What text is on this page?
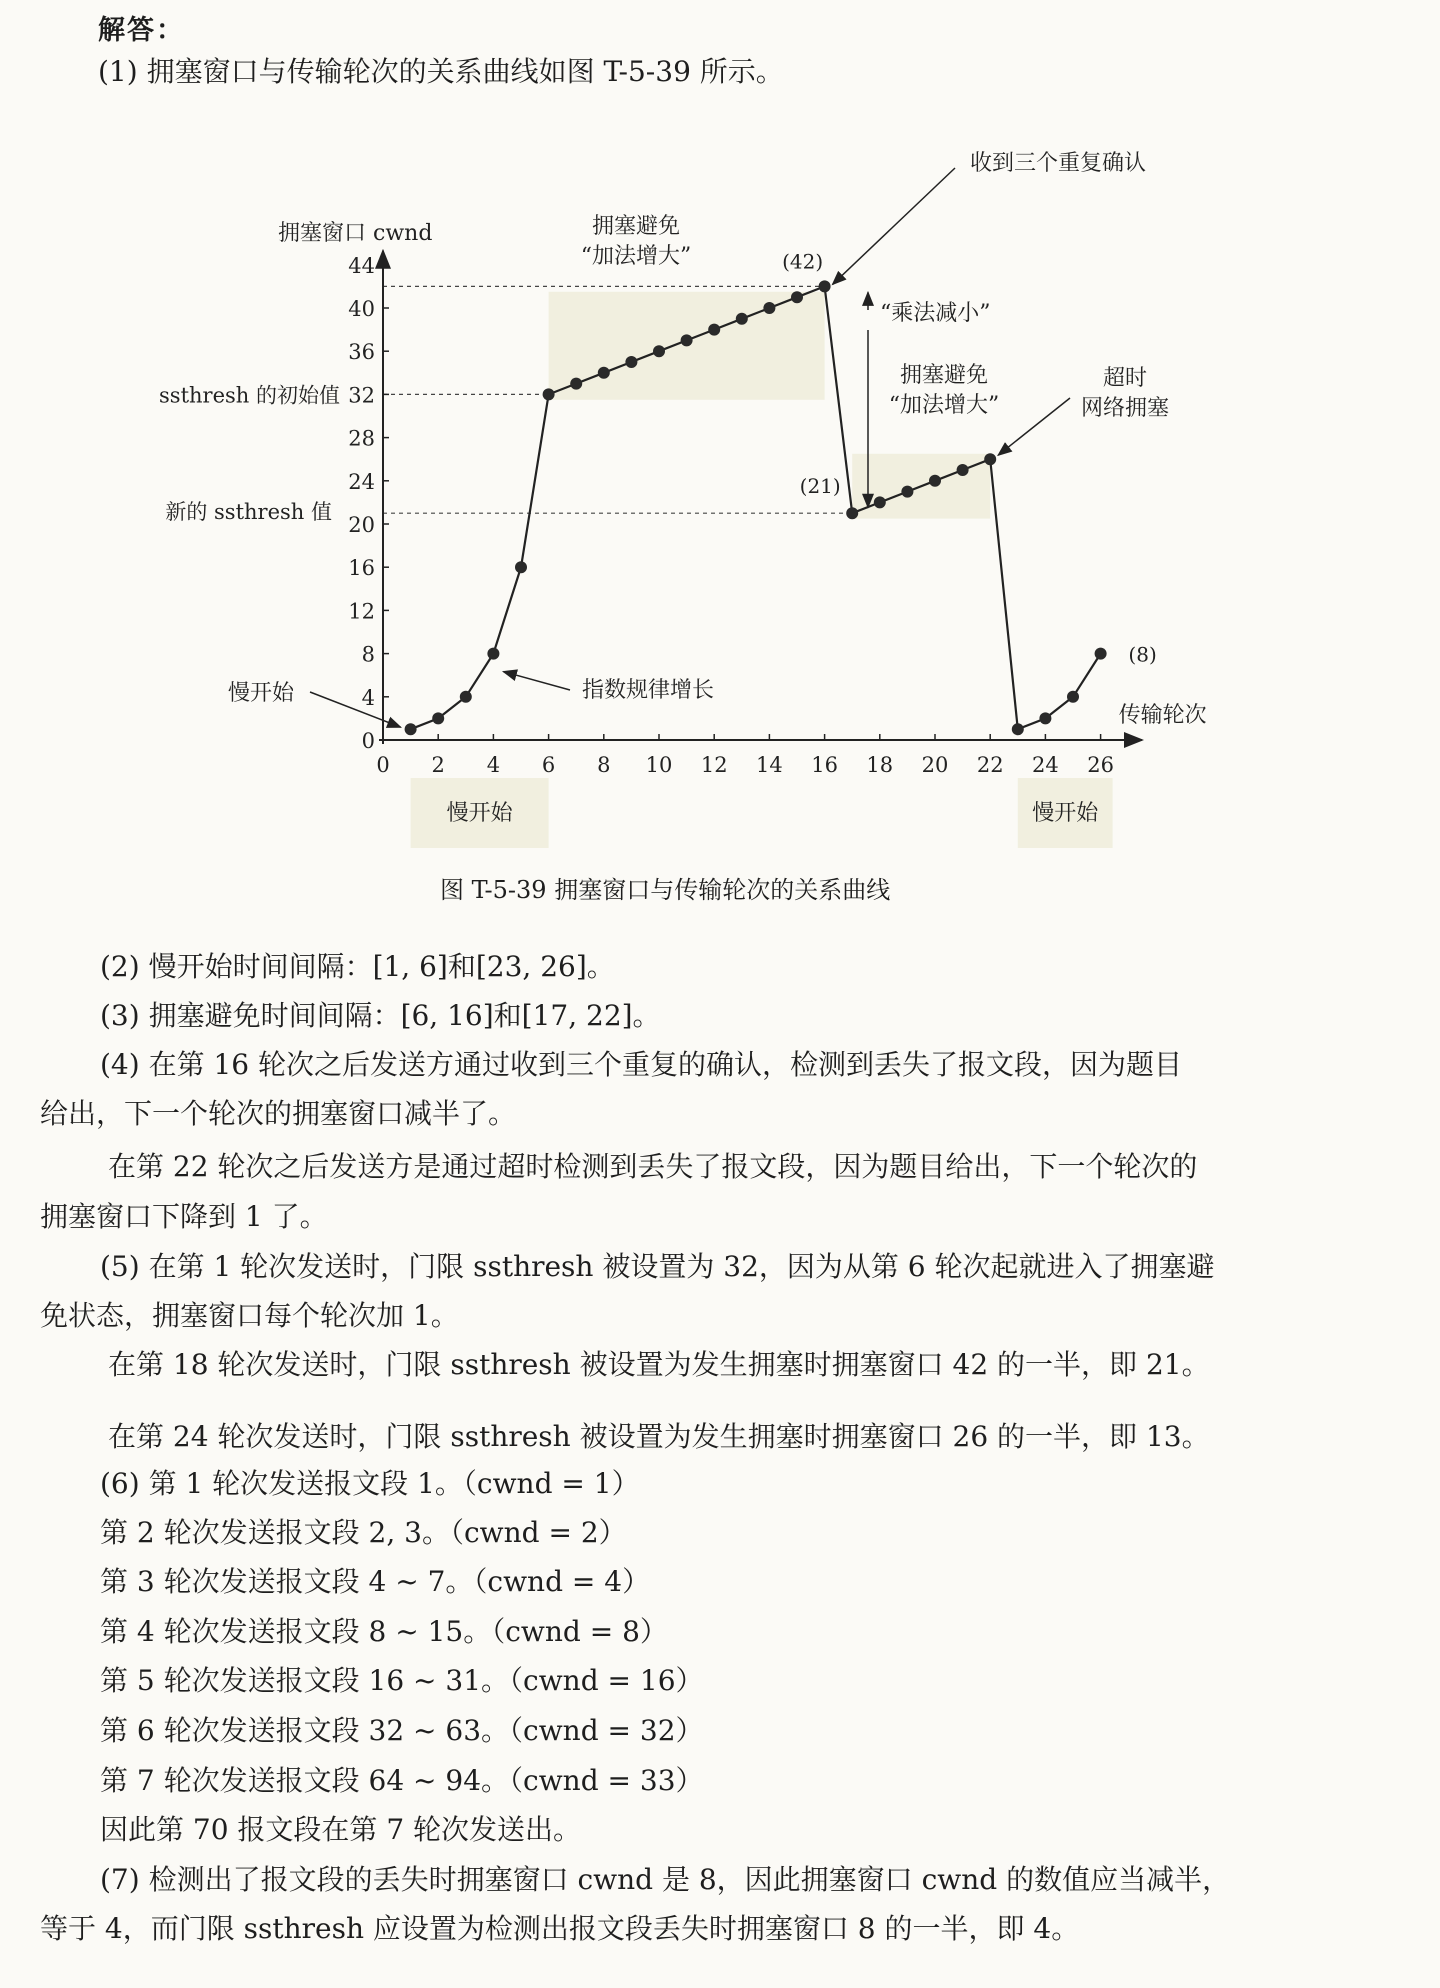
解答：
(1) 拥塞窗口与传输轮次的关系曲线如图 T-5-39 所示。
拥塞窗口 cwnd
传输轮次
0
4
8
12
16
20
24
28
32
36
40
44
0 2 4 6 8 10 12 14 16 18 20 22 24 26
(42)
(21)
(8)
ssthresh 的初始值
新的 ssthresh 值
收到三个重复确认
拥塞避免
“加法增大”
“乘法减小”
拥塞避免
“加法增大”
超时
网络拥塞
指数规律增长
慢开始
慢开始	慢开始
图 T-5-39 拥塞窗口与传输轮次的关系曲线
(2) 慢开始时间间隔：[1, 6]和[23, 26]。
(3) 拥塞避免时间间隔：[6, 16]和[17, 22]。
(4) 在第 16 轮次之后发送方通过收到三个重复的确认，检测到丢失了报文段，因为题目
给出，下一个轮次的拥塞窗口减半了。
在第 22 轮次之后发送方是通过超时检测到丢失了报文段，因为题目给出，下一个轮次的
拥塞窗口下降到 1 了。
(5) 在第 1 轮次发送时，门限 ssthresh 被设置为 32，因为从第 6 轮次起就进入了拥塞避
免状态，拥塞窗口每个轮次加 1。
在第 18 轮次发送时，门限 ssthresh 被设置为发生拥塞时拥塞窗口 42 的一半，即 21。
在第 24 轮次发送时，门限 ssthresh 被设置为发生拥塞时拥塞窗口 26 的一半，即 13。
(6) 第 1 轮次发送报文段 1。（cwnd = 1）
第 2 轮次发送报文段 2, 3。（cwnd = 2）
第 3 轮次发送报文段 4 ~ 7。（cwnd = 4）
第 4 轮次发送报文段 8 ~ 15。（cwnd = 8）
第 5 轮次发送报文段 16 ~ 31。（cwnd = 16）
第 6 轮次发送报文段 32 ~ 63。（cwnd = 32）
第 7 轮次发送报文段 64 ~ 94。（cwnd = 33）
因此第 70 报文段在第 7 轮次发送出。
(7) 检测出了报文段的丢失时拥塞窗口 cwnd 是 8，因此拥塞窗口 cwnd 的数值应当减半，
等于 4，而门限 ssthresh 应设置为检测出报文段丢失时拥塞窗口 8 的一半，即 4。
